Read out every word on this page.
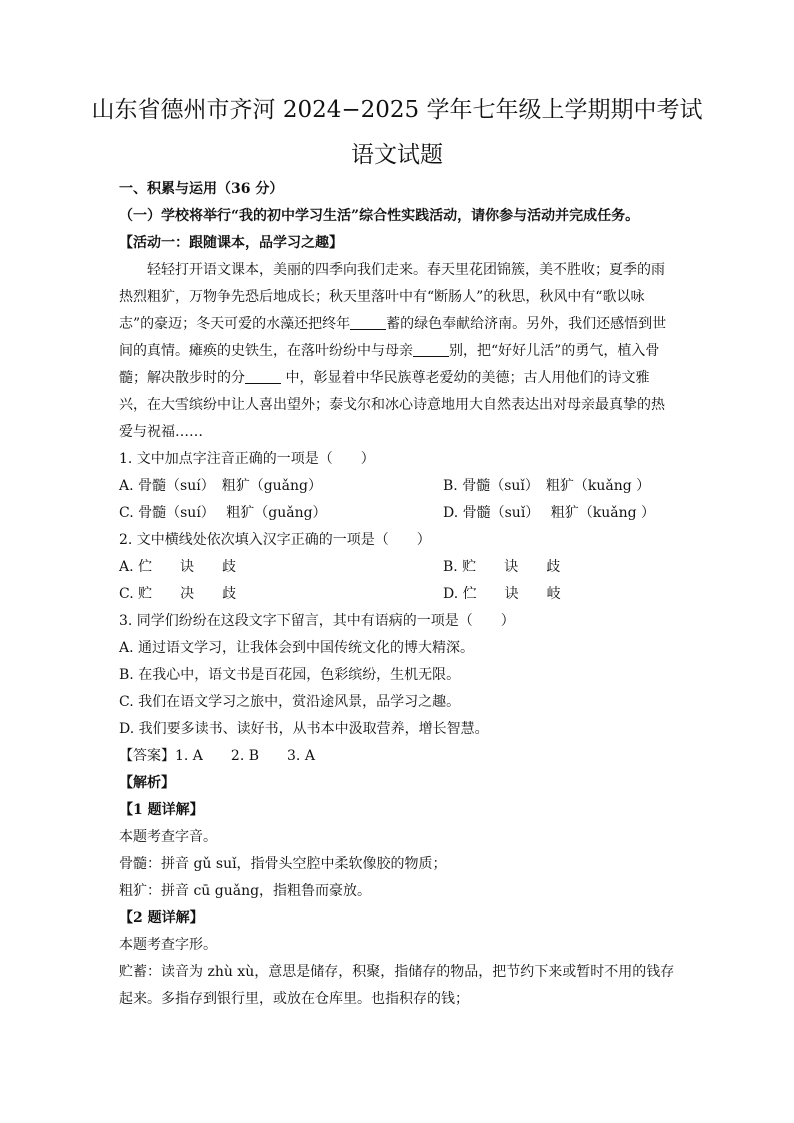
山东省德州市齐河 2024−2025 学年七年级上学期期中考试
语文试题
一、积累与运用（36 分）
（一）学校将举行“我的初中学习生活”综合性实践活动，请你参与活动并完成任务。
【活动一：跟随课本，品学习之趣】
轻轻打开语文课本，美丽的四季向我们走来。春天里花团锦簇，美不胜收；夏季的雨
热烈粗犷，万物争先恐后地成长；秋天里落叶中有“断肠人”的秋思，秋风中有“歌以咏
志”的豪迈；冬天可爱的水藻还把终年	蓄的绿色奉献给济南。另外，我们还感悟到世
间的真情。瘫痪的史铁生，在落叶纷纷中与母亲	别，把“好好儿活”的勇气，植入骨
髓；解决散步时的分	中，彰显着中华民族尊老爱幼的美德；古人用他们的诗文雅
兴，在大雪缤纷中让人喜出望外；泰戈尔和冰心诗意地用大自然表达出对母亲最真挚的热
爱与祝福……
1. 文中加点字注音正确的一项是（　　）
A. 骨髓（suí）　粗犷（guǎng）	B. 骨髓（suǐ）　粗犷（kuǎng ）
C. 骨髓（suí）　 粗犷（guǎng）	D. 骨髓（suǐ）　 粗犷（kuǎng ）
2. 文中横线处依次填入汉字正确的一项是（　　）
A. 伫　　诀　　歧	B. 贮　　诀　　歧
C. 贮　　决　　歧	D. 伫　　诀　　岐
3. 同学们纷纷在这段文字下留言，其中有语病的一项是（　　）
A. 通过语文学习，让我体会到中国传统文化的博大精深。
B. 在我心中，语文书是百花园，色彩缤纷，生机无限。
C. 我们在语文学习之旅中，赏沿途风景，品学习之趣。
D. 我们要多读书、读好书，从书本中汲取营养，增长智慧。
【答案】1. A　　2. B　　3. A
【解析】
【1 题详解】
本题考查字音。
骨髓：拼音 gǔ suǐ，指骨头空腔中柔软像胶的物质；
粗犷：拼音 cū guǎng，指粗鲁而豪放。
【2 题详解】
本题考查字形。
贮蓄：读音为 zhù xù，意思是储存，积聚，指储存的物品，把节约下来或暂时不用的钱存
起来。多指存到银行里，或放在仓库里。也指积存的钱；
